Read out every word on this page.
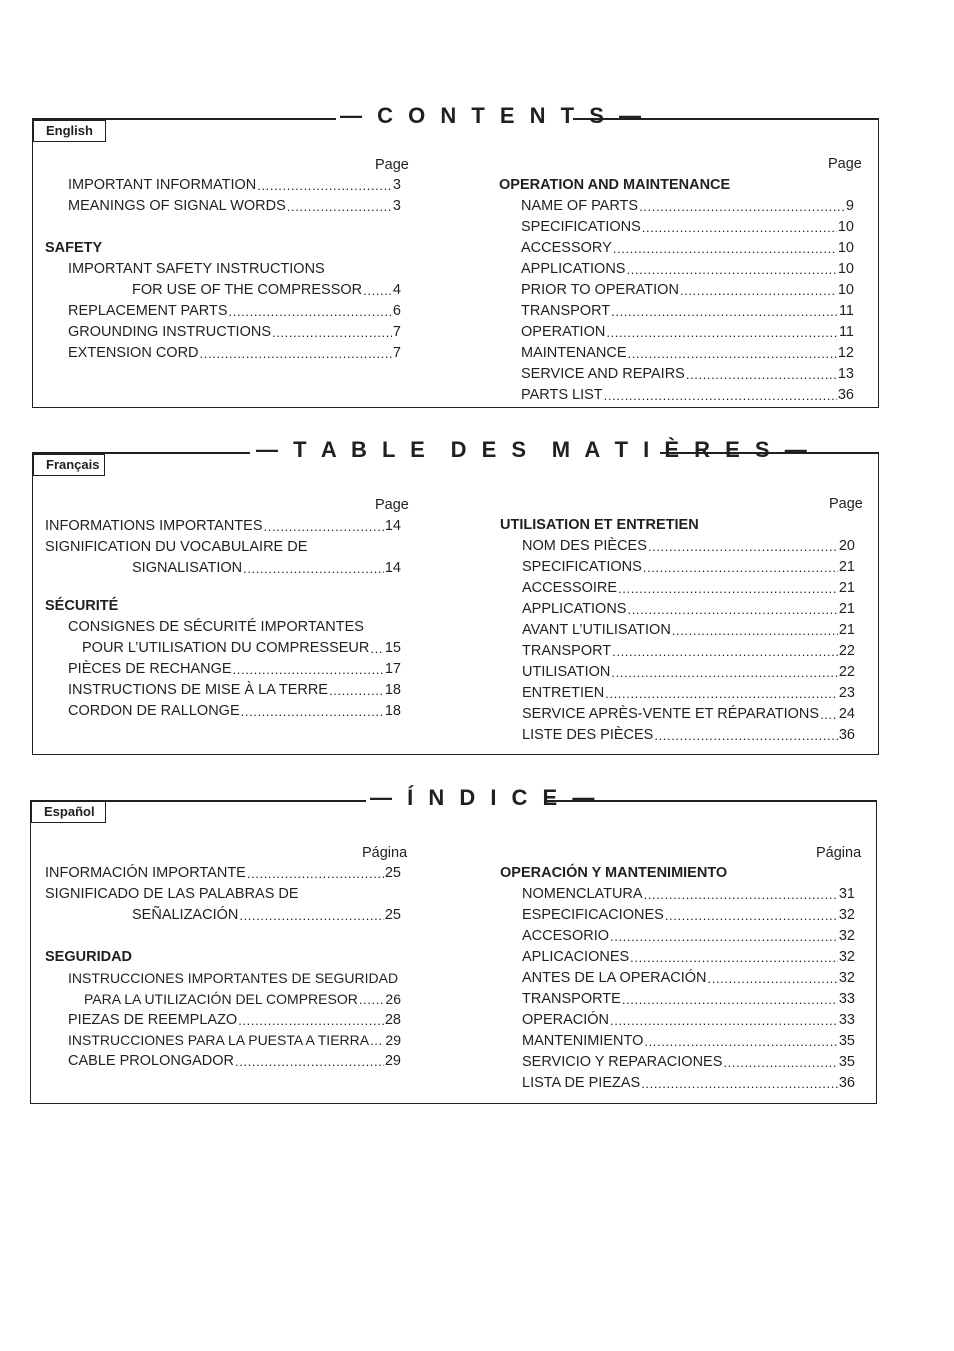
— C O N T E N T S —
English
Page	Page
IMPORTANT INFORMATION .....	3
MEANINGS OF SIGNAL WORDS .....	3
SAFETY
IMPORTANT SAFETY INSTRUCTIONS
FOR USE OF THE COMPRESSOR ..... 4
REPLACEMENT PARTS .....	6
GROUNDING INSTRUCTIONS .....	7
EXTENSION CORD .....	7
OPERATION AND MAINTENANCE
NAME OF PARTS .....	9
SPECIFICATIONS .....	10
ACCESSORY .....	10
APPLICATIONS .....	10
PRIOR TO OPERATION .....	10
TRANSPORT .....	11
OPERATION .....	11
MAINTENANCE .....	12
SERVICE AND REPAIRS .....	13
PARTS LIST .....	36
— T A B L E  D E S  M A T I È R E S —
Français
Page	Page
INFORMATIONS IMPORTANTES .....	14
SIGNIFICATION DU VOCABULAIRE DE
SIGNALISATION .....	14
SÉCURITÉ
CONSIGNES DE SÉCURITÉ IMPORTANTES
POUR L’UTILISATION DU COMPRESSEUR ..... 15
PIÈCES DE RECHANGE .....	17
INSTRUCTIONS DE MISE À LA TERRE .....	18
CORDON DE RALLONGE .....	18
UTILISATION ET ENTRETIEN
NOM DES PIÈCES .....	20
SPECIFICATIONS .....	21
ACCESSOIRE .....	21
APPLICATIONS .....	21
AVANT L’UTILISATION .....	21
TRANSPORT .....	22
UTILISATION .....	22
ENTRETIEN .....	23
SERVICE APRÈS-VENTE ET RÉPARATIONS ..... 24
LISTE DES PIÈCES .....	36
— Í N D I C E —
Español
Página	Página
INFORMACIÓN IMPORTANTE .....	25
SIGNIFICADO DE LAS PALABRAS DE
SEÑALIZACIÓN .....	25
SEGURIDAD
INSTRUCCIONES IMPORTANTES DE SEGURIDAD
PARA LA UTILIZACIÓN DEL COMPRESOR ..... 26
PIEZAS DE REEMPLAZO .....	28
INSTRUCCIONES PARA LA PUESTA A TIERRA ..... 29
CABLE PROLONGADOR .....	29
OPERACIÓN Y MANTENIMIENTO
NOMENCLATURA .....	31
ESPECIFICACIONES .....	32
ACCESORIO .....	32
APLICACIONES .....	32
ANTES DE LA OPERACIÓN .....	32
TRANSPORTE .....	33
OPERACIÓN .....	33
MANTENIMIENTO .....	35
SERVICIO Y REPARACIONES .....	35
LISTA DE PIEZAS .....	36
